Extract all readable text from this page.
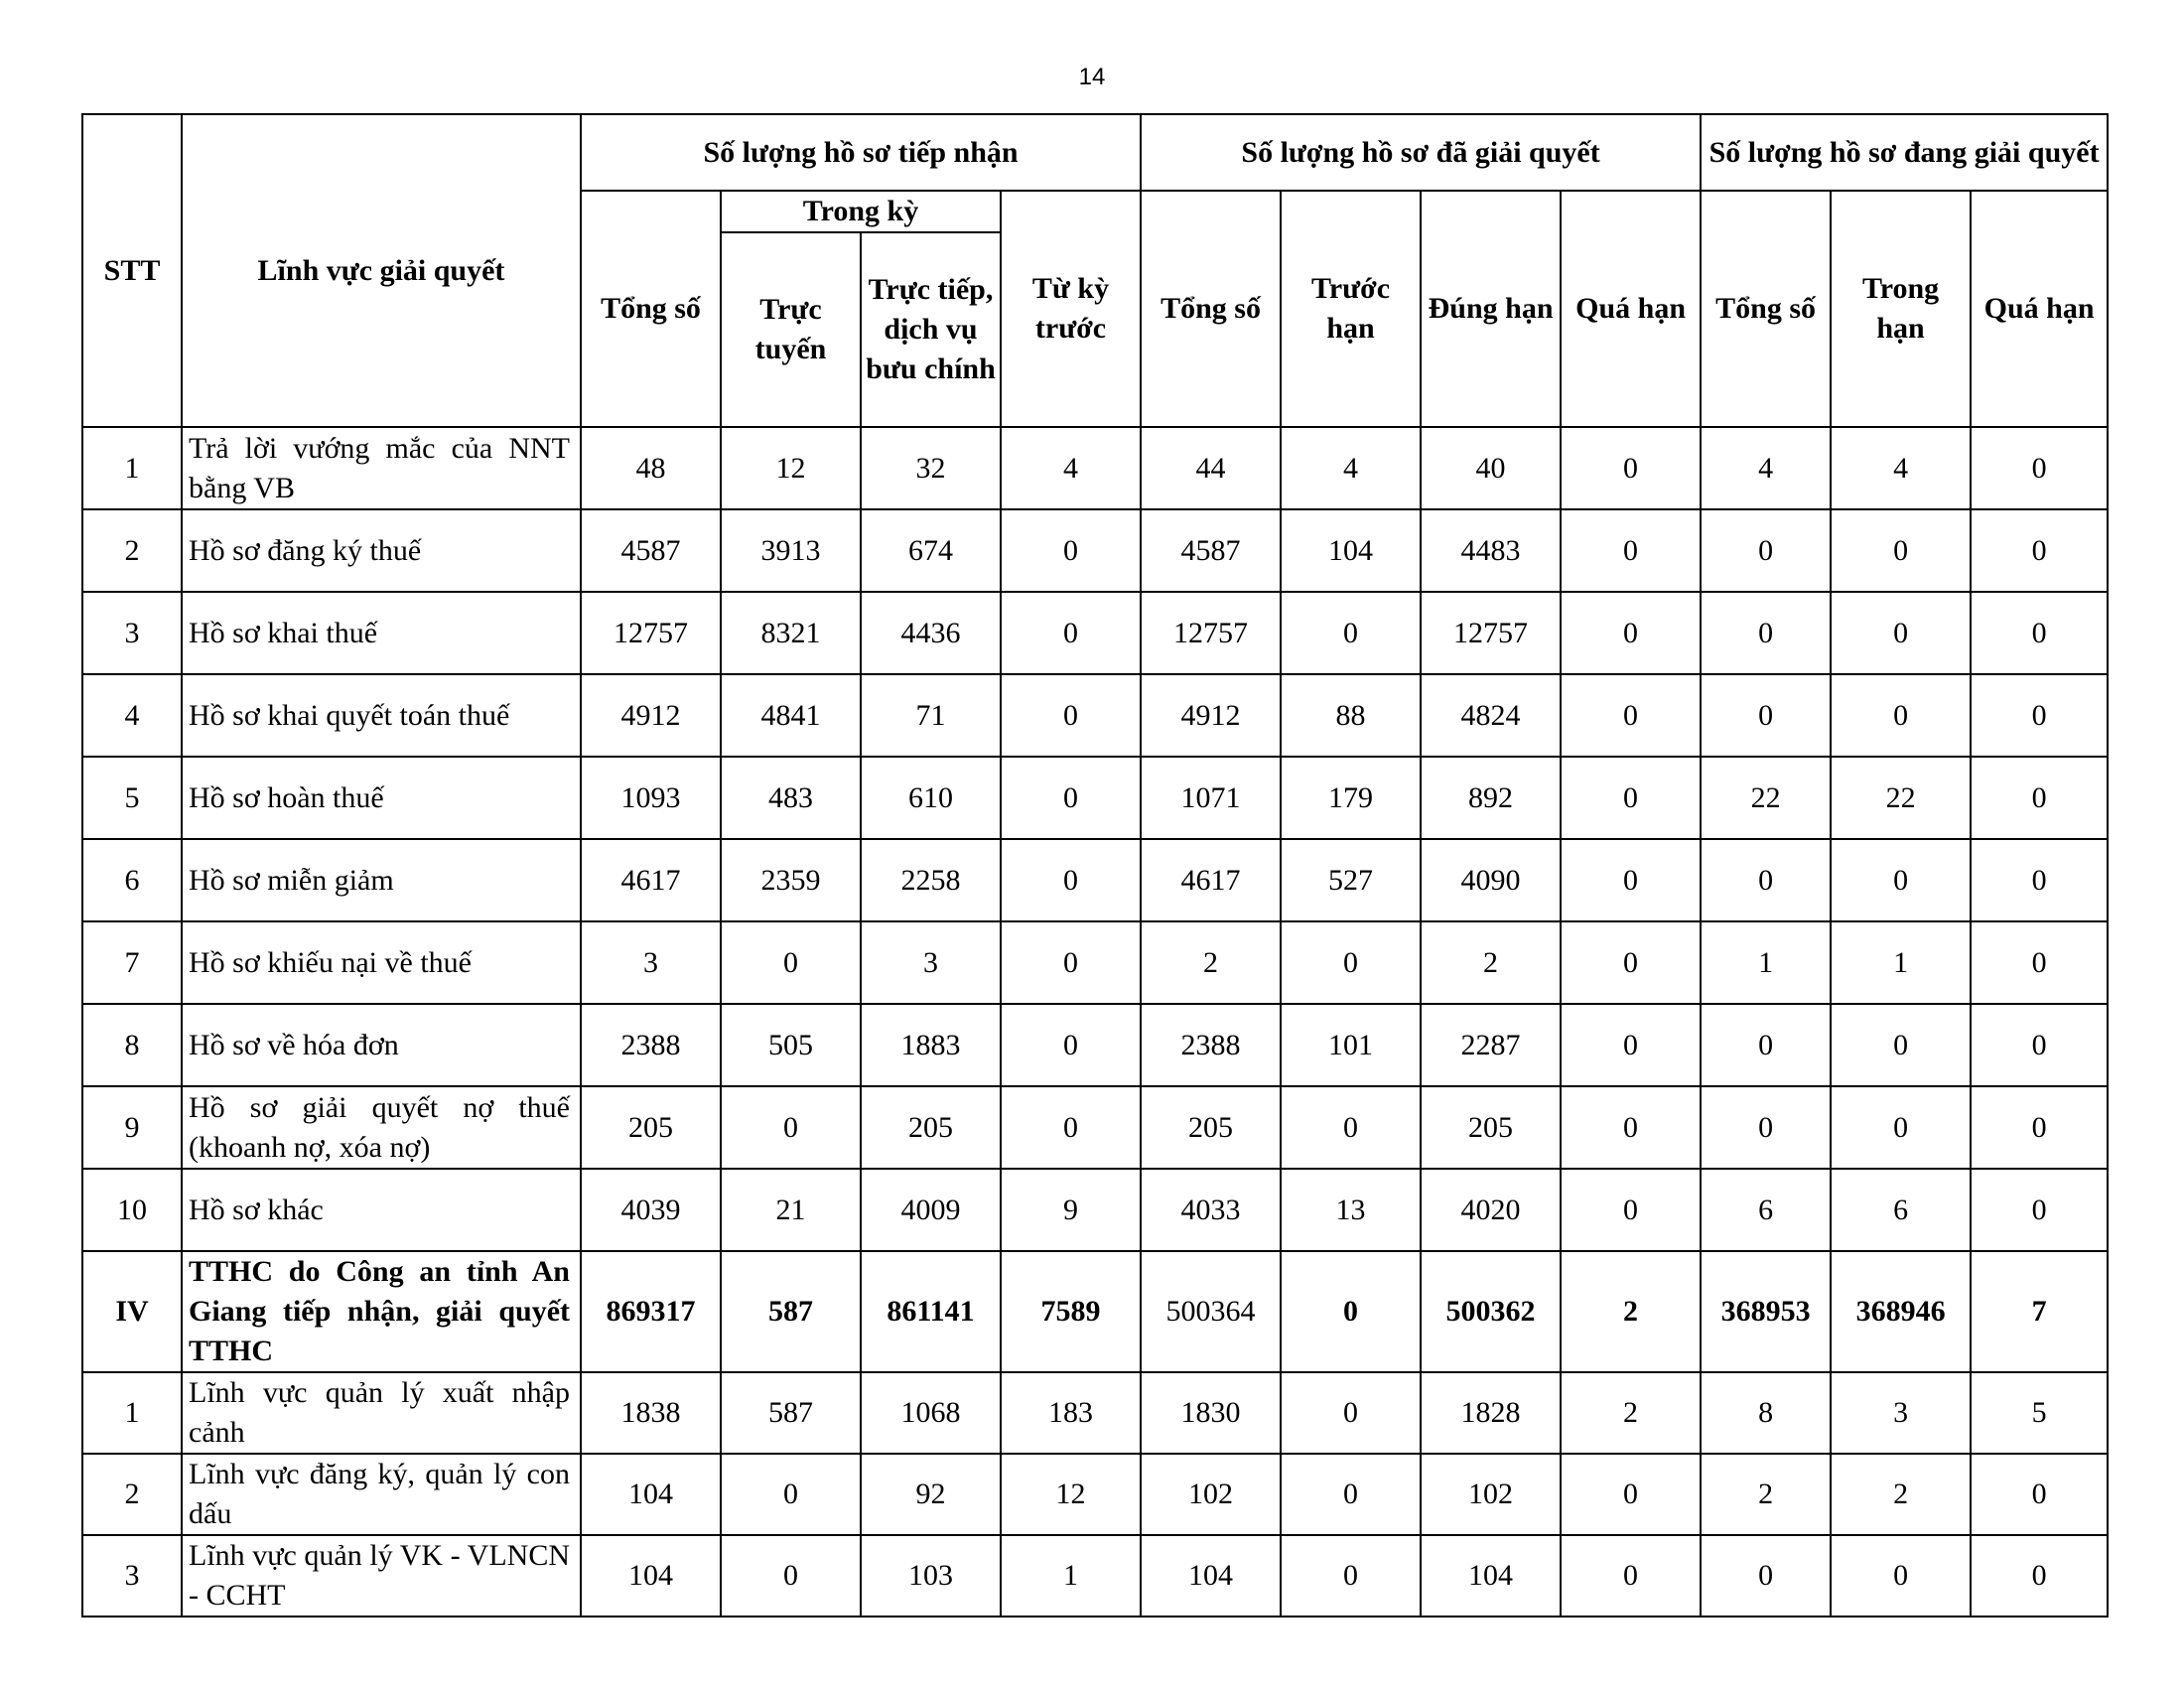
14
STT	Lĩnh vực giải quyết	Số lượng hồ sơ tiếp nhận				Số lượng hồ sơ đã giải quyết				Số lượng hồ sơ đang giải quyết		
		Tổng số	Trong kỳ		Từ kỳ trước	Tổng số	Trước hạn	Đúng hạn	Quá hạn	Tổng số	Trong hạn	Quá hạn
			Trực tuyến	Trực tiếp, dịch vụ bưu chính								
1	Trả lời vướng mắc của NNT bằng VB	48	12	32	4	44	4	40	0	4	4	0
2	Hồ sơ đăng ký thuế	4587	3913	674	0	4587	104	4483	0	0	0	0
3	Hồ sơ khai thuế	12757	8321	4436	0	12757	0	12757	0	0	0	0
4	Hồ sơ khai quyết toán thuế	4912	4841	71	0	4912	88	4824	0	0	0	0
5	Hồ sơ hoàn thuế	1093	483	610	0	1071	179	892	0	22	22	0
6	Hồ sơ miễn giảm	4617	2359	2258	0	4617	527	4090	0	0	0	0
7	Hồ sơ khiếu nại về thuế	3	0	3	0	2	0	2	0	1	1	0
8	Hồ sơ về hóa đơn	2388	505	1883	0	2388	101	2287	0	0	0	0
9	Hồ sơ giải quyết nợ thuế (khoanh nợ, xóa nợ)	205	0	205	0	205	0	205	0	0	0	0
10	Hồ sơ khác	4039	21	4009	9	4033	13	4020	0	6	6	0
IV	TTHC do Công an tỉnh An Giang tiếp nhận, giải quyết TTHC	869317	587	861141	7589	500364	0	500362	2	368953	368946	7
1	Lĩnh vực quản lý xuất nhập cảnh	1838	587	1068	183	1830	0	1828	2	8	3	5
2	Lĩnh vực đăng ký, quản lý con dấu	104	0	92	12	102	0	102	0	2	2	0
3	Lĩnh vực quản lý VK - VLNCN - CCHT	104	0	103	1	104	0	104	0	0	0	0
